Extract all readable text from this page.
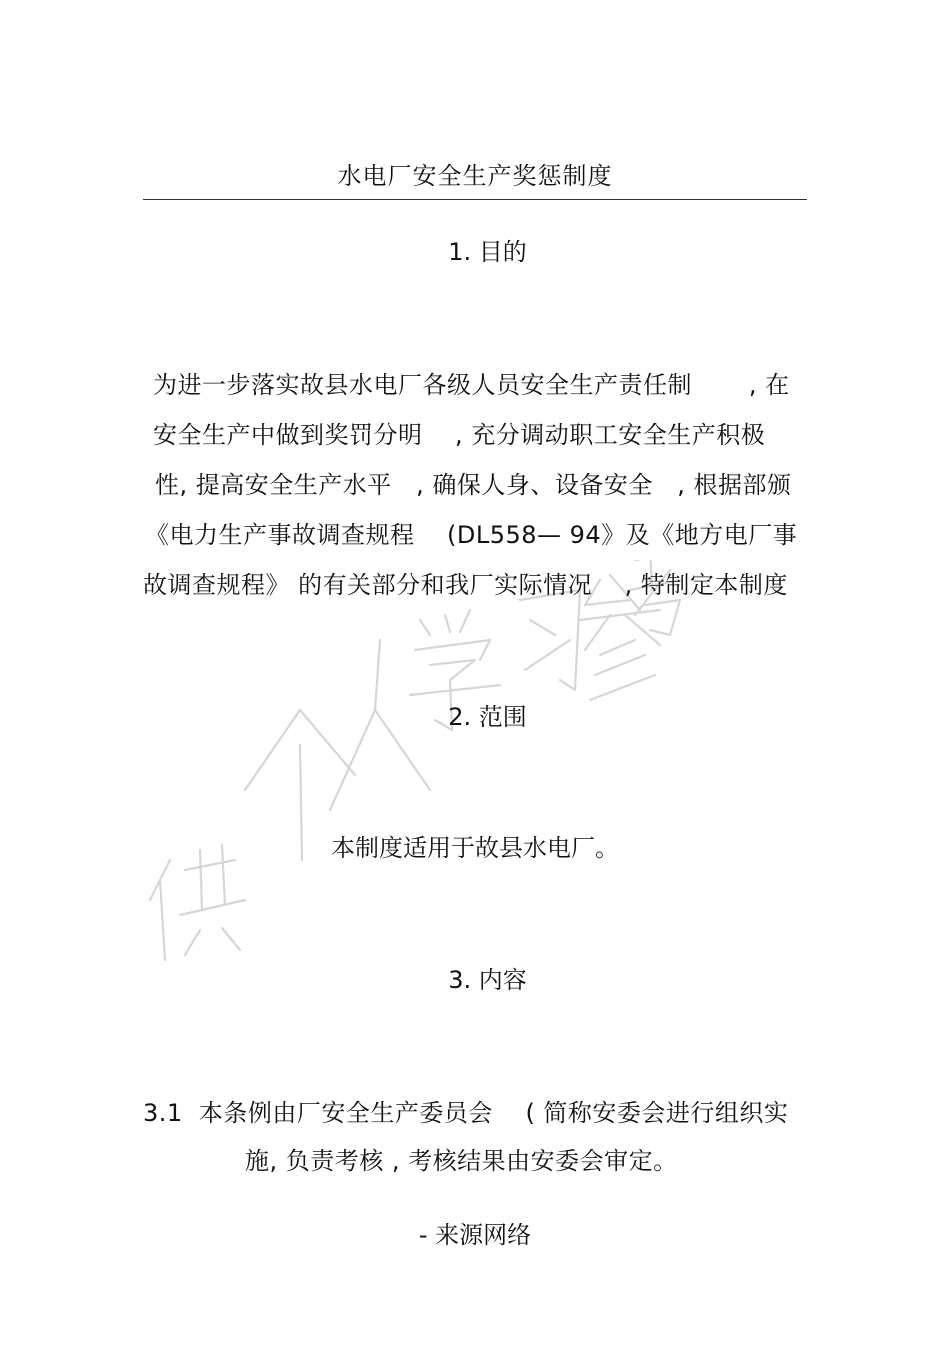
水电厂安全生产奖惩制度
1. 目的
为进一步落实故县水电厂各级人员安全生产责任制       , 在
安全生产中做到奖罚分明    , 充分调动职工安全生产积极
性, 提高安全生产水平   , 确保人身、设备安全   , 根据部颁
《电力生产事故调查规程    (DL558— 94》及《地方电厂事
故调查规程》 的有关部分和我厂实际情况    , 特制定本制度
2. 范围
本制度适用于故县水电厂。
3. 内容
3.1  本条例由厂安全生产委员会    ( 简称安委会进行组织实
施, 负责考核 , 考核结果由安委会审定。
- 来源网络
